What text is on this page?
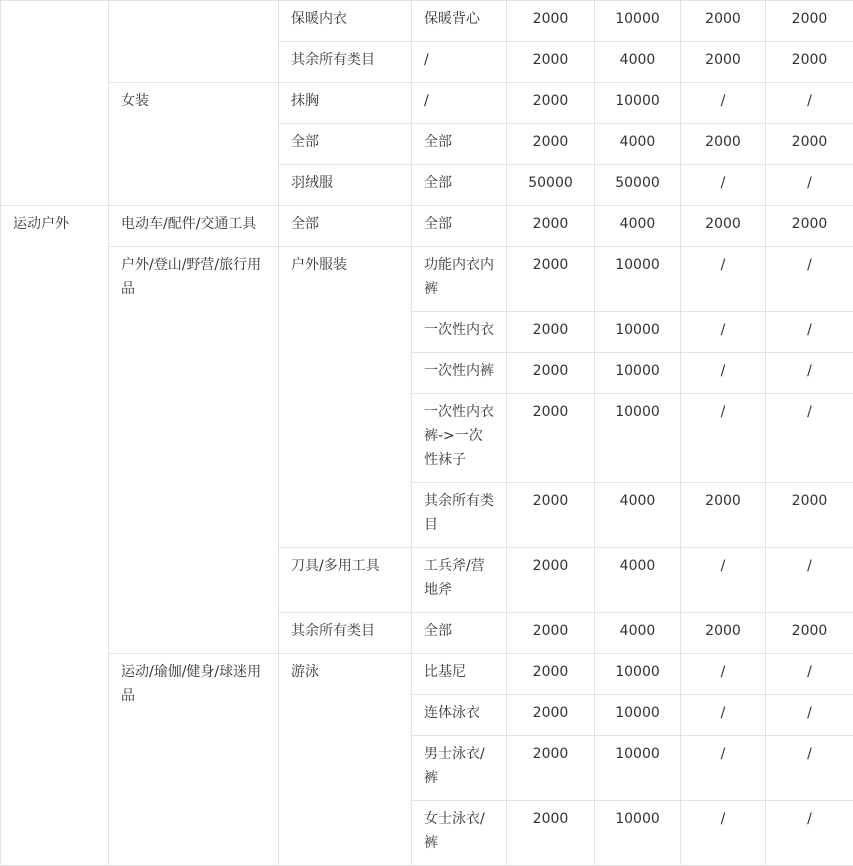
		保暖内衣	保暖背心	2000	10000	2000	2000
		其余所有类目	/	2000	4000	2000	2000
	女装	抹胸	/	2000	10000	/	/
		全部	全部	2000	4000	2000	2000
		羽绒服	全部	50000	50000	/	/
运动户外	电动车/配件/交通工具	全部	全部	2000	4000	2000	2000
	户外/登山/野营/旅行用品	户外服装	功能内衣内裤	2000	10000	/	/
			一次性内衣	2000	10000	/	/
			一次性内裤	2000	10000	/	/
			一次性内衣裤->一次性袜子	2000	10000	/	/
			其余所有类目	2000	4000	2000	2000
		刀具/多用工具	工兵斧/营地斧	2000	4000	/	/
		其余所有类目	全部	2000	4000	2000	2000
	运动/瑜伽/健身/球迷用品	游泳	比基尼	2000	10000	/	/
			连体泳衣	2000	10000	/	/
			男士泳衣/裤	2000	10000	/	/
			女士泳衣/裤	2000	10000	/	/
